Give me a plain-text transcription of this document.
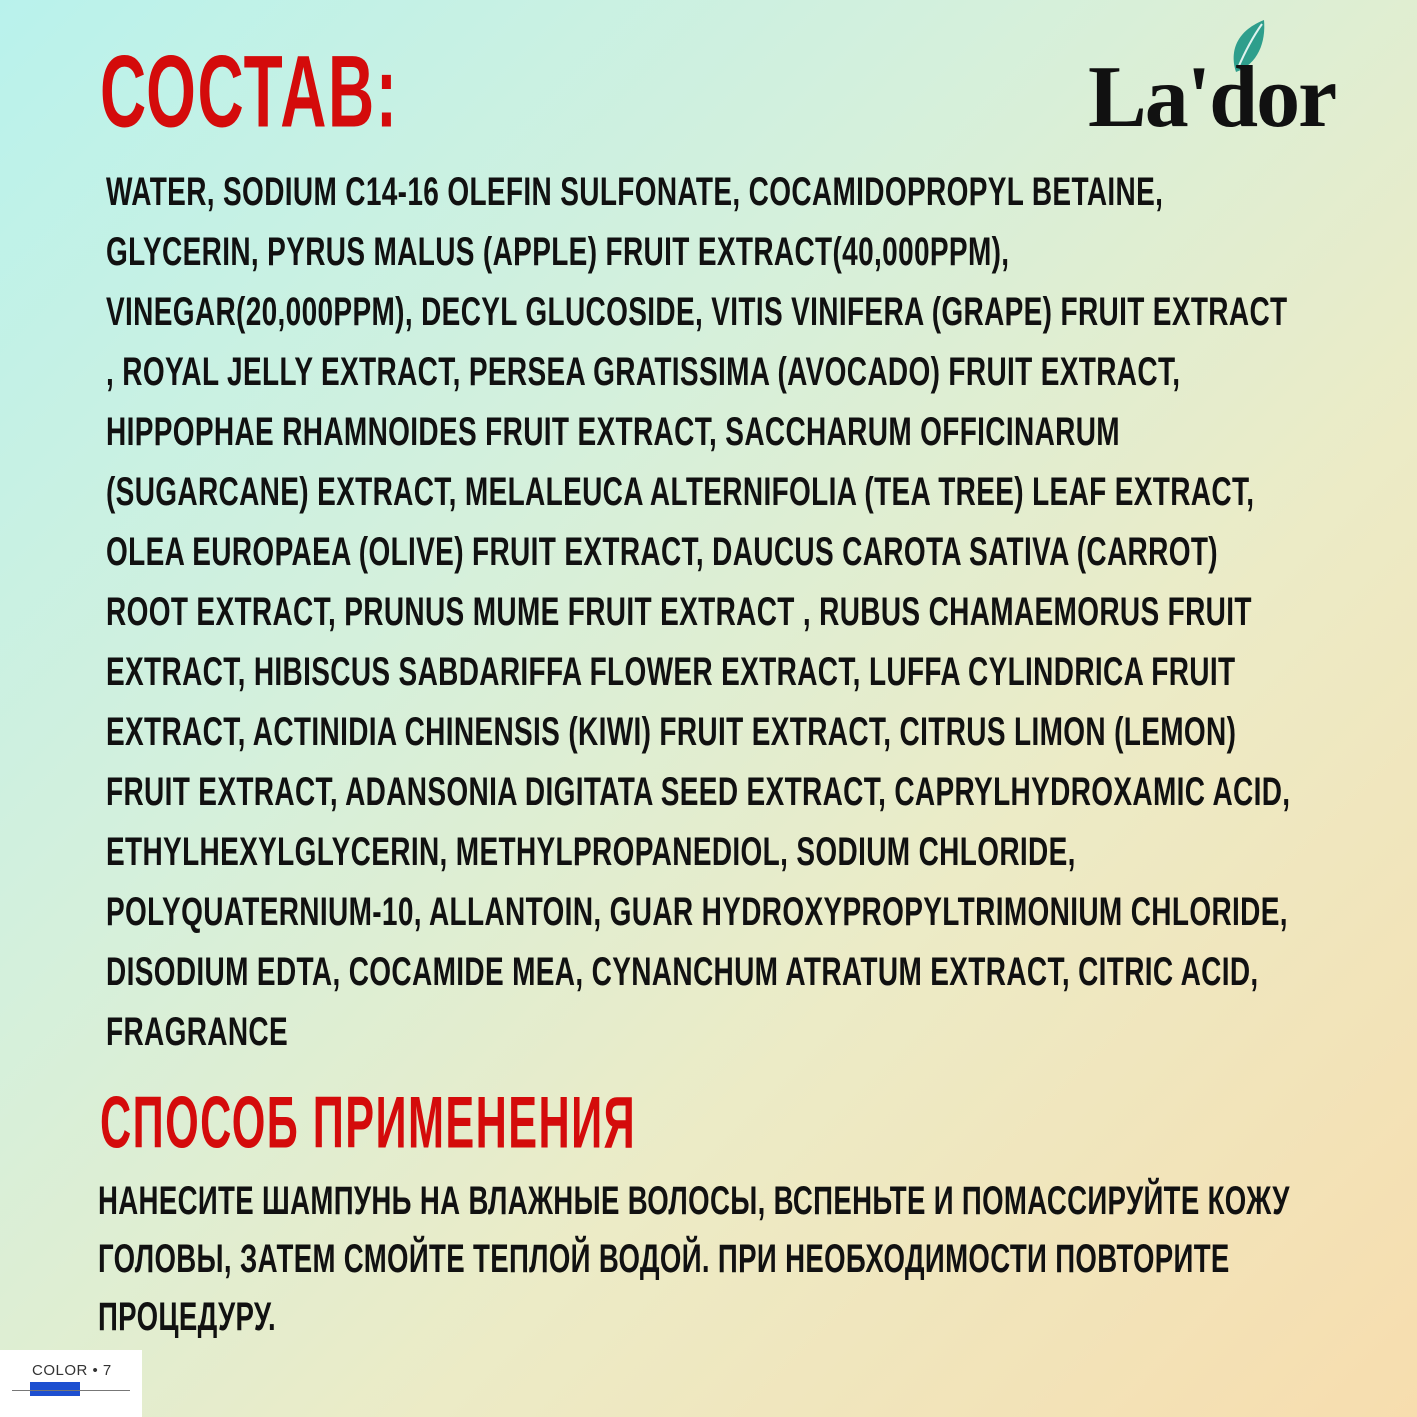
СОСТАВ:	La'dor

WATER, SODIUM C14-16 OLEFIN SULFONATE, COCAMIDOPROPYL BETAINE, GLYCERIN, PYRUS MALUS (APPLE) FRUIT EXTRACT(40,000PPM), VINEGAR(20,000PPM), DECYL GLUCOSIDE, VITIS VINIFERA (GRAPE) FRUIT EXTRACT , ROYAL JELLY EXTRACT, PERSEA GRATISSIMA (AVOCADO) FRUIT EXTRACT, HIPPOPHAE RHAMNOIDES FRUIT EXTRACT, SACCHARUM OFFICINARUM (SUGARCANE) EXTRACT, MELALEUCA ALTERNIFOLIA (TEA TREE) LEAF EXTRACT, OLEA EUROPAEA (OLIVE) FRUIT EXTRACT, DAUCUS CAROTA SATIVA (CARROT) ROOT EXTRACT, PRUNUS MUME FRUIT EXTRACT , RUBUS CHAMAEMORUS FRUIT EXTRACT, HIBISCUS SABDARIFFA FLOWER EXTRACT, LUFFA CYLINDRICA FRUIT EXTRACT, ACTINIDIA CHINENSIS (KIWI) FRUIT EXTRACT, CITRUS LIMON (LEMON) FRUIT EXTRACT, ADANSONIA DIGITATA SEED EXTRACT, CAPRYLHYDROXAMIC ACID, ETHYLHEXYLGLYCERIN, METHYLPROPANEDIOL, SODIUM CHLORIDE, POLYQUATERNIUM-10, ALLANTOIN, GUAR HYDROXYPROPYLTRIMONIUM CHLORIDE, DISODIUM EDTA, COCAMIDE MEA, CYNANCHUM ATRATUM EXTRACT, CITRIC ACID, FRAGRANCE

СПОСОБ ПРИМЕНЕНИЯ

НАНЕСИТЕ ШАМПУНЬ НА ВЛАЖНЫЕ ВОЛОСЫ, ВСПЕНЬТЕ И ПОМАССИРУЙТЕ КОЖУ ГОЛОВЫ, ЗАТЕМ СМОЙТЕ ТЕПЛОЙ ВОДОЙ. ПРИ НЕОБХОДИМОСТИ ПОВТОРИТЕ ПРОЦЕДУРУ.

COLOR • 7
